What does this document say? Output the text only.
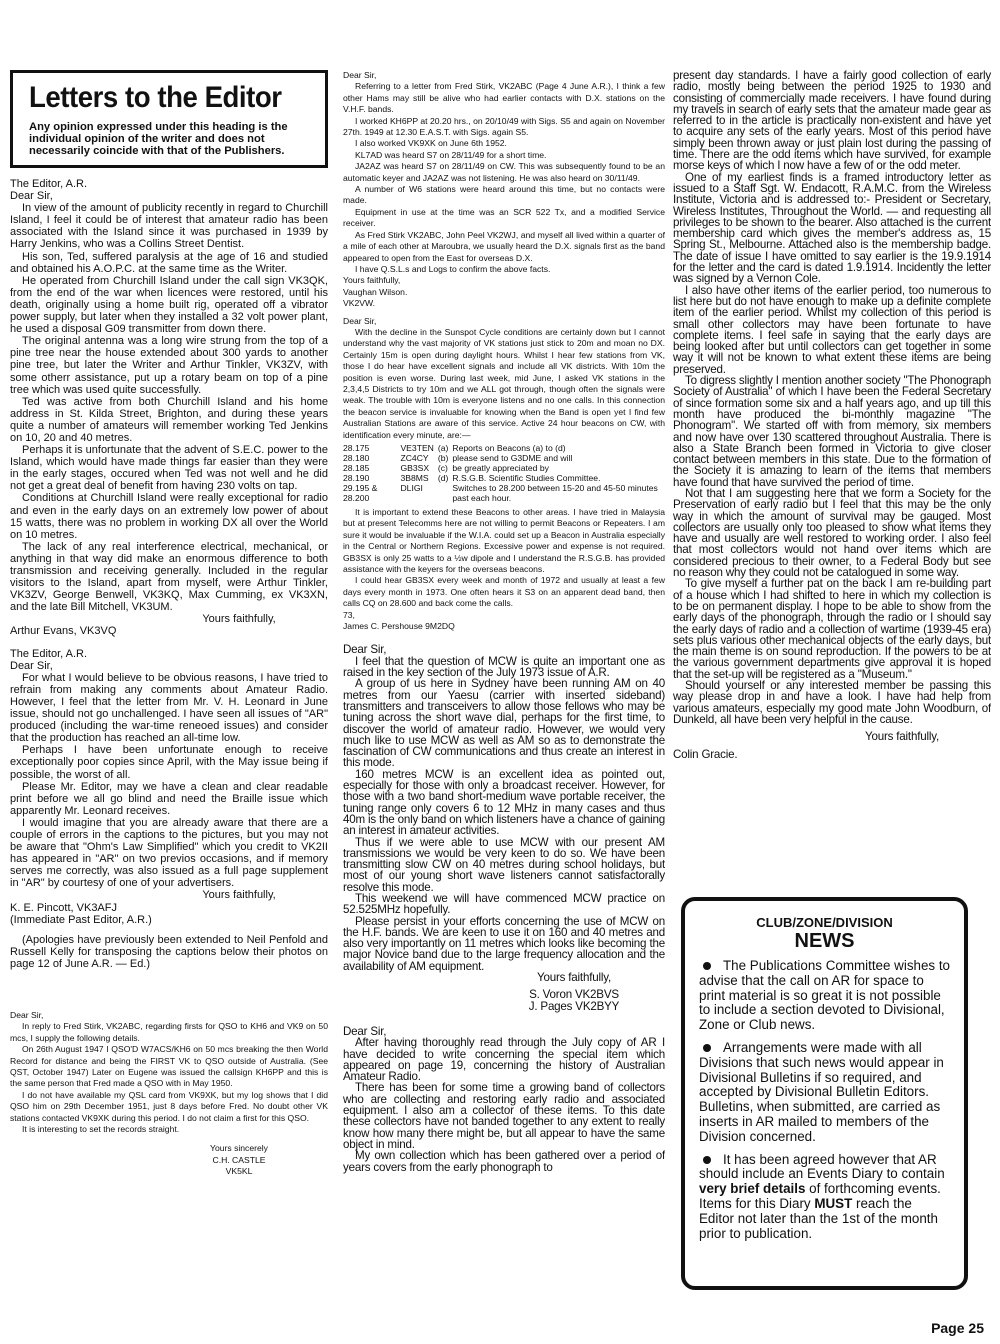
Letters to the Editor

Any opinion expressed under this heading is the individual opinion of the writer and does not necessarily coincide with that of the Publishers.

The Editor, A.R.

Dear Sir,

In view of the amount of publicity recently in regard to Churchill Island, I feel it could be of interest that amateur radio has been associated with the Island since it was purchased in 1939 by Harry Jenkins, who was a Collins Street Dentist.

His son, Ted, suffered paralysis at the age of 16 and studied and obtained his A.O.P.C. at the same time as the Writer.

He operated from Churchill Island under the call sign VK3QK, from the end of the war when licences were restored, until his death, originally using a home built rig, operated off a vibrator power supply, but later when they installed a 32 volt power plant, he used a disposal G09 transmitter from down there.

The original antenna was a long wire strung from the top of a pine tree near the house extended about 300 yards to another pine tree, but later the Writer and Arthur Tinkler, VK3ZV, with some otherr assistance, put up a rotary beam on top of a pine tree which was used quite successfully.

Ted was active from both Churchill Island and his home address in St. Kilda Street, Brighton, and during these years quite a number of amateurs will remember working Ted Jenkins on 10, 20 and 40 metres.

Perhaps it is unfortunate that the advent of S.E.C. power to the Island, which would have made things far easier than they were in the early stages, occured when Ted was not well and he did not get a great deal of benefit from having 230 volts on tap.

Conditions at Churchill Island were really exceptional for radio and even in the early days on an extremely low power of about 15 watts, there was no problem in working DX all over the World on 10 metres.

The lack of any real interference electrical, mechanical, or anything in that way did make an enormous difference to both transmission and receiving generally. Included in the regular visitors to the Island, apart from myself, were Arthur Tinkler, VK3ZV, George Benwell, VK3KQ, Max Cumming, ex VK3XN, and the late Bill Mitchell, VK3UM.

Yours faithfully,

Arthur Evans, VK3VQ

The Editor, A.R.

Dear Sir,

For what I would believe to be obvious reasons, I have tried to refrain from making any comments about Amateur Radio. However, I feel that the letter from Mr. V. H. Leonard in June issue, should not go unchallenged. I have seen all issues of "AR" produced (including the war-time reneoed issues) and consider that the production has reached an all-time low.

Perhaps I have been unfortunate enough to receive exceptionally poor copies since April, with the May issue being if possible, the worst of all.

Please Mr. Editor, may we have a clean and clear readable print before we all go blind and need the Braille issue which apparently Mr. Leonard receives.

I would imagine that you are already aware that there are a couple of errors in the captions to the pictures, but you may not be aware that "Ohm's Law Simplified" which you credit to VK2II has appeared in "AR" on two previos occasions, and if memory serves me correctly, was also issued as a full page supplement in "AR" by courtesy of one of your advertisers.

Yours faithfully,

K. E. Pincott, VK3AFJ

(Immediate Past Editor, A.R.)

(Apologies have previously been extended to Neil Penfold and Russell Kelly for transposing the captions below their photos on page 12 of June A.R. — Ed.)

Dear Sir,

In reply to Fred Stirk, VK2ABC, regarding firsts for QSO to KH6 and VK9 on 50 mcs, I supply the following details.

On 26th August 1947 I QSO'D W7ACS/KH6 on 50 mcs breaking the then World Record for distance and being the FIRST VK to QSO outside of Australia. (See QST, October 1947) Later on Eugene was issued the callsign KH6PP and this is the same person that Fred made a QSO with in May 1950.

I do not have available my QSL card from VK9XK, but my log shows that I did QSO him on 29th December 1951, just 8 days before Fred. No doubt other VK stations contacted VK9XK during this period. I do not claim a first for this QSO.

It is interesting to set the records straight.

Yours sincerely

C.H. CASTLE

VK5KL

Dear Sir,

Referring to a letter from Fred Stirk, VK2ABC (Page 4 June A.R.), I think a few other Hams may still be alive who had earlier contacts with D.X. stations on the V.H.F. bands.

I worked KH6PP at 20.20 hrs., on 20/10/49 with Sigs. S5 and again on November 27th. 1949 at 12.30 E.A.S.T. with Sigs. again S5.

I also worked VK9XK on June 6th 1952.

KL7AD was heard S7 on 28/11/49 for a short time.

JA2AZ was heard S7 on 28/11/49 on CW. This was subsequently found to be an automatic keyer and JA2AZ was not listening. He was also heard on 30/11/49.

A number of W6 stations were heard around this time, but no contacts were made.

Equipment in use at the time was an SCR 522 Tx, and a modified Service receiver.

As Fred Stirk VK2ABC, John Peel VK2WJ, and myself all lived within a quarter of a mile of each other at Maroubra, we usually heard the D.X. signals first as the band appeared to open from the East for overseas D.X.

I have Q.S.L.s and Logs to confirm the above facts.

Yours faithfully,

Vaughan Wilson.

VK2VW.

Dear Sir,

With the decline in the Sunspot Cycle conditions are certainly down but I cannot understand why the vast majority of VK stations just stick to 20m and moan no DX. Certainly 15m is open during daylight hours. Whilst I hear few stations from VK, those I do hear have excellent signals and include all VK districts. With 10m the position is even worse. During last week, mid June, I asked VK stations in the 2,3,4,5 Districts to try 10m and we ALL got through, though often the signals were weak. The trouble with 10m is everyone listens and no one calls. In this connection the beacon service is invaluable for knowing when the Band is open yet I find few Australian Stations are aware of this service. Active 24 hour beacons on CW, with identification every minute, are:—

28.175	VE3TEN	(a)	Reports on Beacons (a) to (d)
28.180	ZC4CY	(b)	please send to G3DME and will
28.185	GB3SX	(c)	be greatly appreciated by
28.190	3B8MS	(d)	R.S.G.B. Scientific Studies Committee.
29.195 & 28.200	DLIGI		Switches to 28.200 between 15-20 and 45-50 minutes past each hour.

It is important to extend these Beacons to other areas. I have tried in Malaysia but at present Telecomms here are not willing to permit Beacons or Repeaters. I am sure it would be invaluable if the W.I.A. could set up a Beacon in Australia especially in the Central or Northern Regions. Excessive power and expense is not required. GB3SX is only 25 watts to a ½w dipole and I understand the R.S.G.B. has provided assistance with the keyers for the overseas beacons.

I could hear GB3SX every week and month of 1972 and usually at least a few days every month in 1973. One often hears it S3 on an apparent dead band, then calls CQ on 28.600 and back come the calls.

73,

James C. Pershouse 9M2DQ

Dear Sir,

I feel that the question of MCW is quite an important one as raised in the key section of the July 1973 issue of A.R.

A group of us here in Sydney have been running AM on 40 metres from our Yaesu (carrier with inserted sideband) transmitters and transceivers to allow those fellows who may be tuning across the short wave dial, perhaps for the first time, to discover the world of amateur radio. However, we would very much like to use MCW as well as AM so as to demonstrate the fascination of CW communications and thus create an interest in this mode.

160 metres MCW is an excellent idea as pointed out, especially for those with only a broadcast receiver. However, for those with a two band short-medium wave portable receiver, the tuning range only covers 6 to 12 MHz in many cases and thus 40m is the only band on which listeners have a chance of gaining an interest in amateur activities.

Thus if we were able to use MCW with our present AM transmissions we would be very keen to do so. We have been transmitting slow CW on 40 metres during school holidays, but most of our young short wave listeners cannot satisfactorally resolve this mode.

This weekend we will have commenced MCW practice on 52.525MHz hopefully.

Please persist in your efforts concerning the use of MCW on the H.F. bands. We are keen to use it on 160 and 40 metres and also very importantly on 11 metres which looks like becoming the major Novice band due to the large frequency allocation and the availability of AM equipment.

Yours faithfully,

S. Voron VK2BVS

J. Pages VK2BYY

Dear Sir,

After having thoroughly read through the July copy of AR I have decided to write concerning the special item which appeared on page 19, concerning the history of Australian Amateur Radio.

There has been for some time a growing band of collectors who are collecting and restoring early radio and associated equipment. I also am a collector of these items. To this date these collectors have not banded together to any extent to really know how many there might be, but all appear to have the same object in mind.

My own collection which has been gathered over a period of years covers from the early phonograph to

present day standards. I have a fairly good collection of early radio, mostly being between the period 1925 to 1930 and consisting of commercially made receivers. I have found during my travels in search of early sets that the amateur made gear as referred to in the article is practically non-existent and have yet to acquire any sets of the early years. Most of this period have simply been thrown away or just plain lost during the passing of time. There are the odd items which have survived, for example morse keys of which I now have a few of or the odd meter.

One of my earliest finds is a framed introductory letter as issued to a Staff Sgt. W. Endacott, R.A.M.C. from the Wireless Institute, Victoria and is addressed to:- President or Secretary, Wireless Institutes, Throughout the World. — and requesting all privileges to be shown to the bearer. Also attached is the current membership card which gives the member's address as, 15 Spring St., Melbourne. Attached also is the membership badge. The date of issue I have omitted to say earlier is the 19.9.1914 for the letter and the card is dated 1.9.1914. Incidently the letter was signed by a Vernon Cole.

I also have other items of the earlier period, too numerous to list here but do not have enough to make up a definite complete item of the earlier period. Whilst my collection of this period is small other collectors may have been fortunate to have complete items. I feel safe in saying that the early days are being looked after but until collectors can get together in some way it will not be known to what extent these items are being preserved.

To digress slightly I mention another society "The Phonograph Society of Australia" of which I have been the Federal Secretary of since formation some six and a half years ago, and up till this month have produced the bi-monthly magazine "The Phonogram". We started off with from memory, six members and now have over 130 scattered throughout Australia. There is also a State Branch been formed in Victoria to give closer contact between members in this state. Due to the formation of the Society it is amazing to learn of the items that members have found that have survived the period of time.

Not that I am suggesting here that we form a Society for the Preservation of early radio but I feel that this may be the only way in which the amount of survival may be gauged. Most collectors are usually only too pleased to show what items they have and usually are well restored to working order. I also feel that most collectors would not hand over items which are considered precious to their owner, to a Federal Body but see no reason why they could not be catalogued in some way.

To give myself a further pat on the back I am re-building part of a house which I had shifted to here in which my collection is to be on permanent display. I hope to be able to show from the early days of the phonograph, through the radio or I should say the early days of radio and a collection of wartime (1939-45 era) sets plus various other mechanical objects of the early days, but the main theme is on sound reproduction. If the powers to be at the various government departments give approval it is hoped that the set-up will be registered as a "Museum."

Should yourself or any interested member be passing this way please drop in and have a look. I have had help from various amateurs, especially my good mate John Woodburn, of Dunkeld, all have been very helpful in the cause.

Yours faithfully,

Colin Gracie.

CLUB/ZONE/DIVISION
NEWS

The Publications Committee wishes to advise that the call on AR for space to print material is so great it is not possible to include a section devoted to Divisional, Zone or Club news.

Arrangements were made with all Divisions that such news would appear in Divisional Bulletins if so required, and accepted by Divisional Bulletin Editors. Bulletins, when submitted, are carried as inserts in AR mailed to members of the Division concerned.

It has been agreed however that AR should include an Events Diary to contain very brief details of forthcoming events. Items for this Diary MUST reach the Editor not later than the 1st of the month prior to publication.

Page 25
